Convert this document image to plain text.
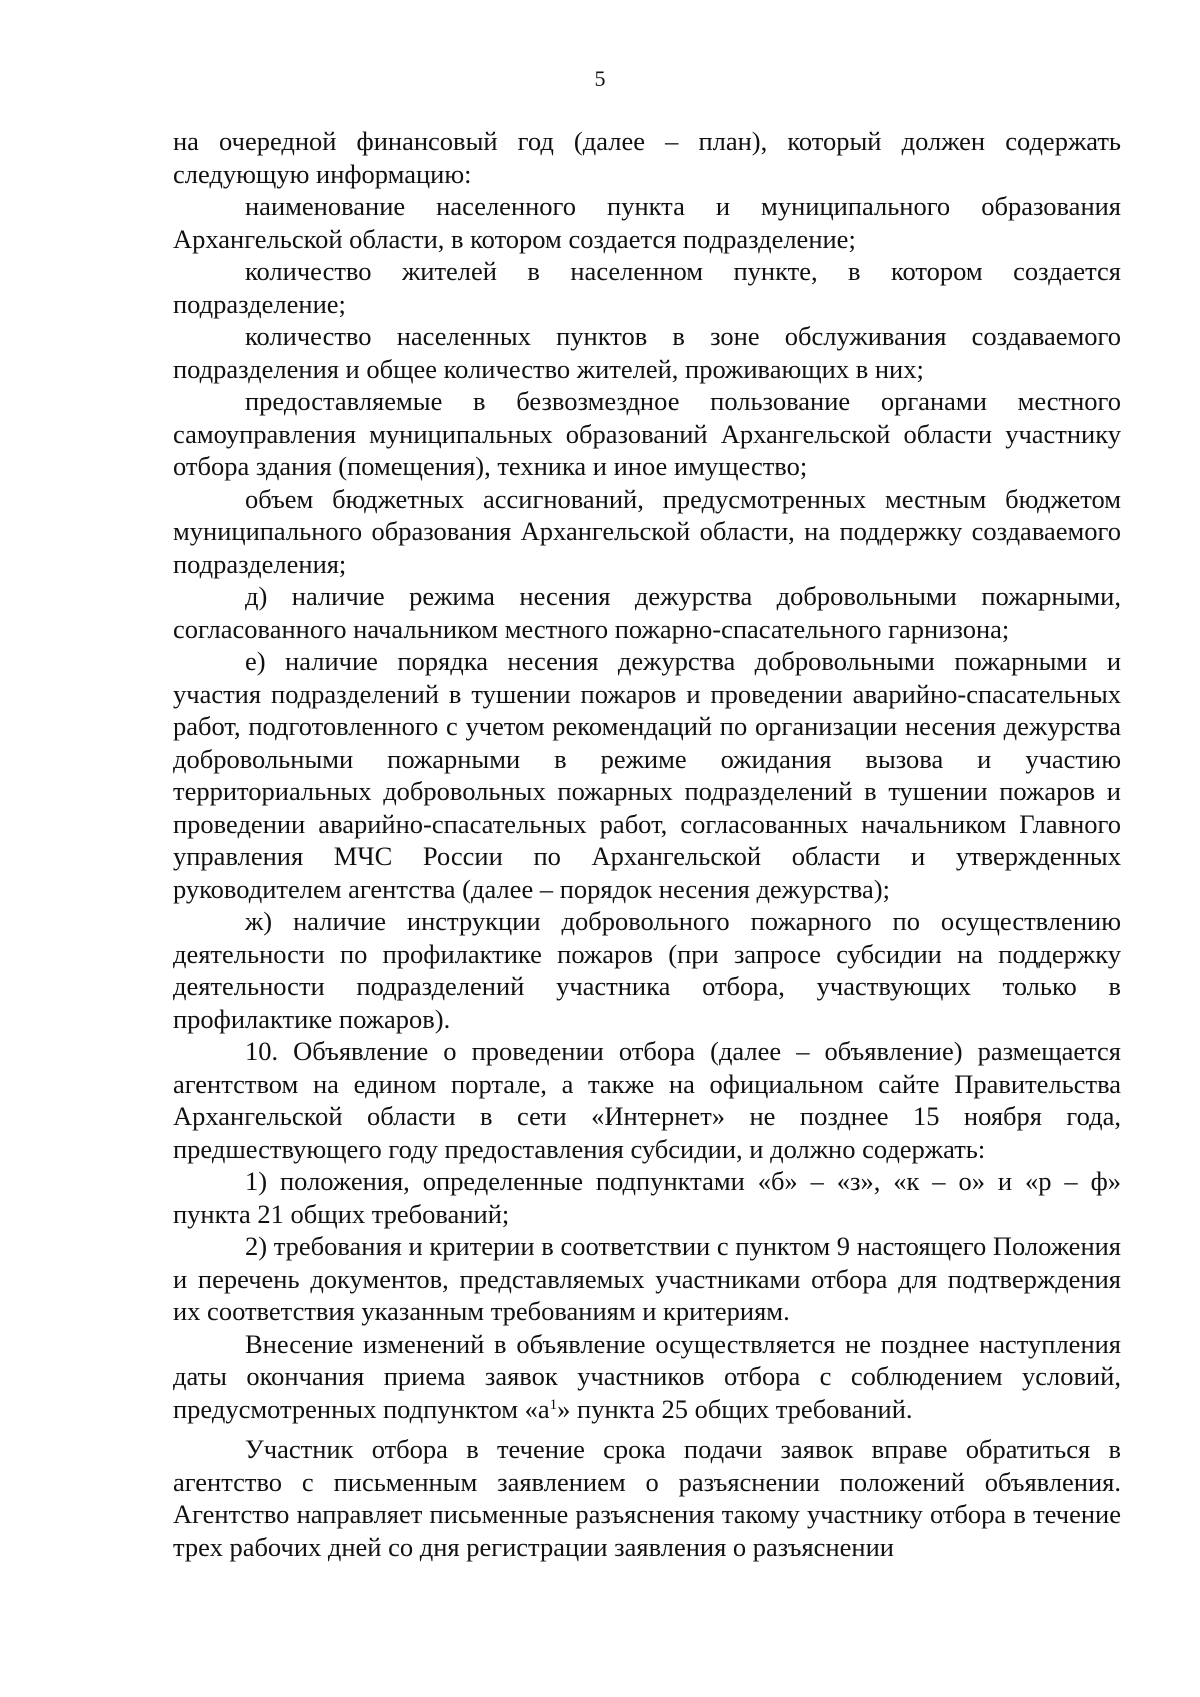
5

на очередной финансовый год (далее – план), который должен содержать следующую информацию:

наименование населенного пункта и муниципального образования Архангельской области, в котором создается подразделение;

количество жителей в населенном пункте, в котором создается подразделение;

количество населенных пунктов в зоне обслуживания создаваемого подразделения и общее количество жителей, проживающих в них;

предоставляемые в безвозмездное пользование органами местного самоуправления муниципальных образований Архангельской области участнику отбора здания (помещения), техника и иное имущество;

объем бюджетных ассигнований, предусмотренных местным бюджетом муниципального образования Архангельской области, на поддержку создаваемого подразделения;

д) наличие режима несения дежурства добровольными пожарными, согласованного начальником местного пожарно-спасательного гарнизона;

е) наличие порядка несения дежурства добровольными пожарными и участия подразделений в тушении пожаров и проведении аварийно-спасательных работ, подготовленного с учетом рекомендаций по организации несения дежурства добровольными пожарными в режиме ожидания вызова и участию территориальных добровольных пожарных подразделений в тушении пожаров и проведении аварийно-спасательных работ, согласованных начальником Главного управления МЧС России по Архангельской области и утвержденных руководителем агентства (далее – порядок несения дежурства);

ж) наличие инструкции добровольного пожарного по осуществлению деятельности по профилактике пожаров (при запросе субсидии на поддержку деятельности подразделений участника отбора, участвующих только в профилактике пожаров).

10. Объявление о проведении отбора (далее – объявление) размещается агентством на едином портале, а также на официальном сайте Правительства Архангельской области в сети «Интернет» не позднее 15 ноября года, предшествующего году предоставления субсидии, и должно содержать:

1) положения, определенные подпунктами «б» – «з», «к – о» и «р – ф» пункта 21 общих требований;

2) требования и критерии в соответствии с пунктом 9 настоящего Положения и перечень документов, представляемых участниками отбора для подтверждения их соответствия указанным требованиям и критериям.

Внесение изменений в объявление осуществляется не позднее наступления даты окончания приема заявок участников отбора с соблюдением условий, предусмотренных подпунктом «$а^1$» пункта 25 общих требований.

Участник отбора в течение срока подачи заявок вправе обратиться в агентство с письменным заявлением о разъяснении положений объявления. Агентство направляет письменные разъяснения такому участнику отбора в течение трех рабочих дней со дня регистрации заявления о разъяснении
